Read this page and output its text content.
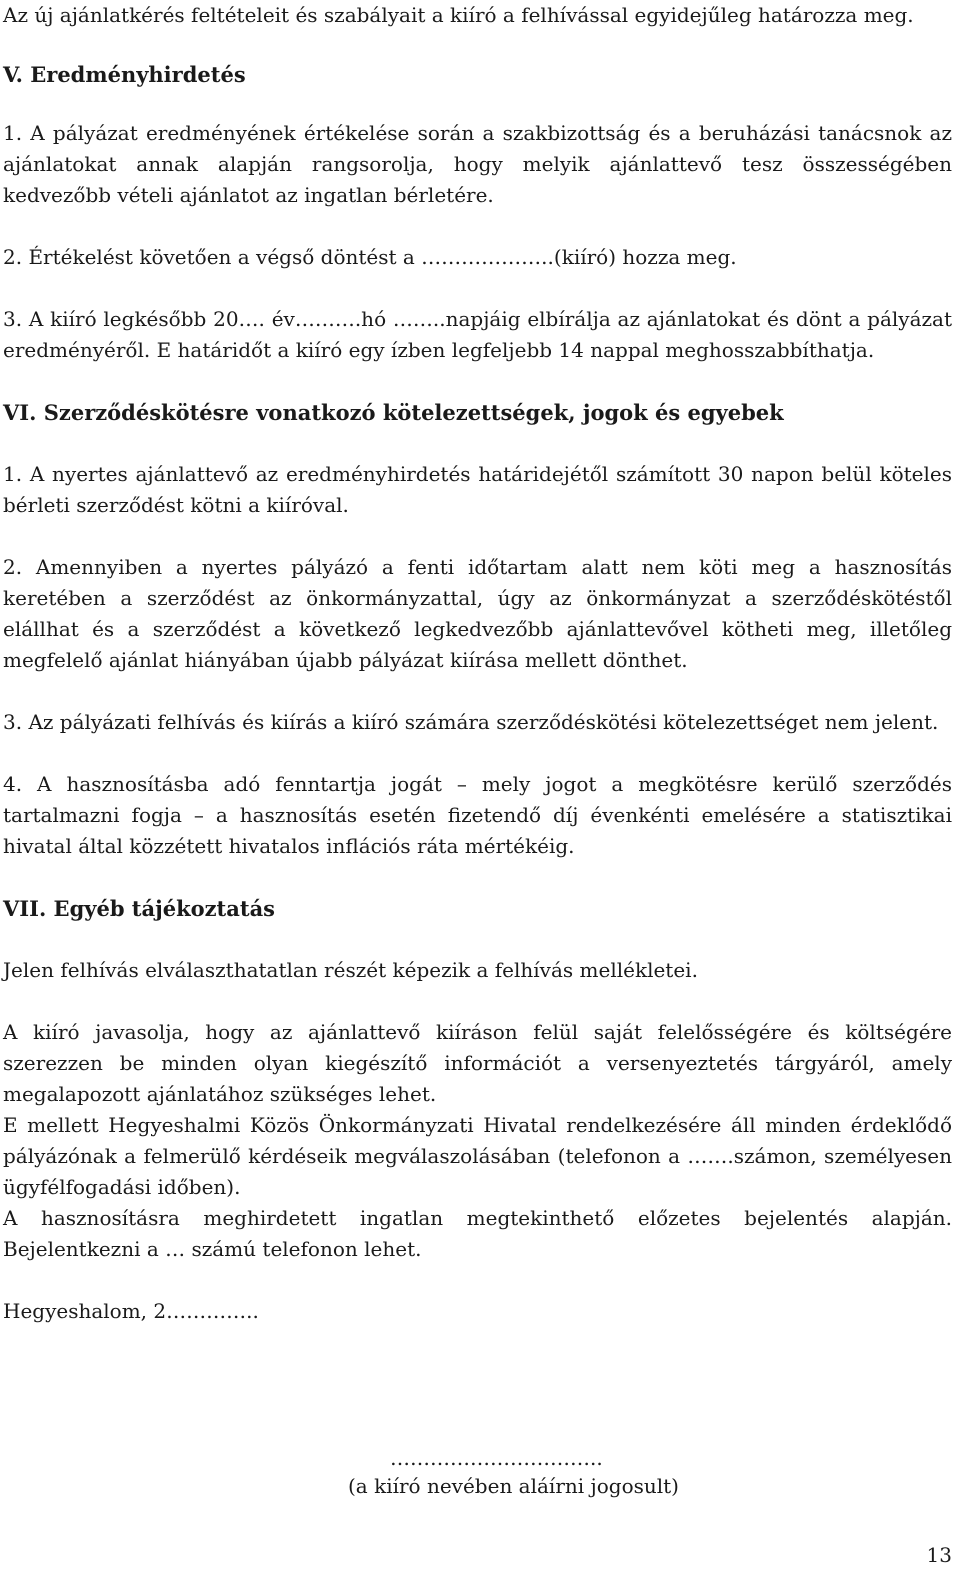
Az új ajánlatkérés feltételeit és szabályait a kiíró a felhívással egyidejűleg határozza meg.

V. Eredményhirdetés

1. A pályázat eredményének értékelése során a szakbizottság és a beruházási tanácsnok az ajánlatokat annak alapján rangsorolja, hogy melyik ajánlattevő tesz összességében kedvezőbb vételi ajánlatot az ingatlan bérletére.

2. Értékelést követően a végső döntést a ………………..(kiíró) hozza meg.

3. A kiíró legkésőbb 20…. év……….hó ……..napjáig elbírálja az ajánlatokat és dönt a pályázat eredményéről. E határidőt a kiíró egy ízben legfeljebb 14 nappal meghosszabbíthatja.

VI. Szerződéskötésre vonatkozó kötelezettségek, jogok és egyebek

1. A nyertes ajánlattevő az eredményhirdetés határidejétől számított 30 napon belül köteles bérleti szerződést kötni a kiíróval.

2. Amennyiben a nyertes pályázó a fenti időtartam alatt nem köti meg a hasznosítás keretében a szerződést az önkormányzattal, úgy az önkormányzat a szerződéskötéstől elállhat és a szerződést a következő legkedvezőbb ajánlattevővel kötheti meg, illetőleg megfelelő ajánlat hiányában újabb pályázat kiírása mellett dönthet.

3. Az pályázati felhívás és kiírás a kiíró számára szerződéskötési kötelezettséget nem jelent.

4. A hasznosításba adó fenntartja jogát – mely jogot a megkötésre kerülő szerződés tartalmazni fogja – a hasznosítás esetén fizetendő díj évenkénti emelésére a statisztikai hivatal által közzétett hivatalos inflációs ráta mértékéig.

VII. Egyéb tájékoztatás

Jelen felhívás elválaszthatatlan részét képezik a felhívás mellékletei.

A kiíró javasolja, hogy az ajánlattevő kiíráson felül saját felelősségére és költségére szerezzen be minden olyan kiegészítő információt a versenyeztetés tárgyáról, amely megalapozott ajánlatához szükséges lehet.

E mellett Hegyeshalmi Közös Önkormányzati Hivatal rendelkezésére áll minden érdeklődő pályázónak a felmerülő kérdéseik megválaszolásában (telefonon a …….számon, személyesen ügyfélfogadási időben).

A hasznosításra meghirdetett ingatlan megtekinthető előzetes bejelentés alapján. Bejelentkezni a … számú telefonon lehet.

Hegyeshalom, 2…………..

…………………………..
(a kiíró nevében aláírni jogosult)
13
